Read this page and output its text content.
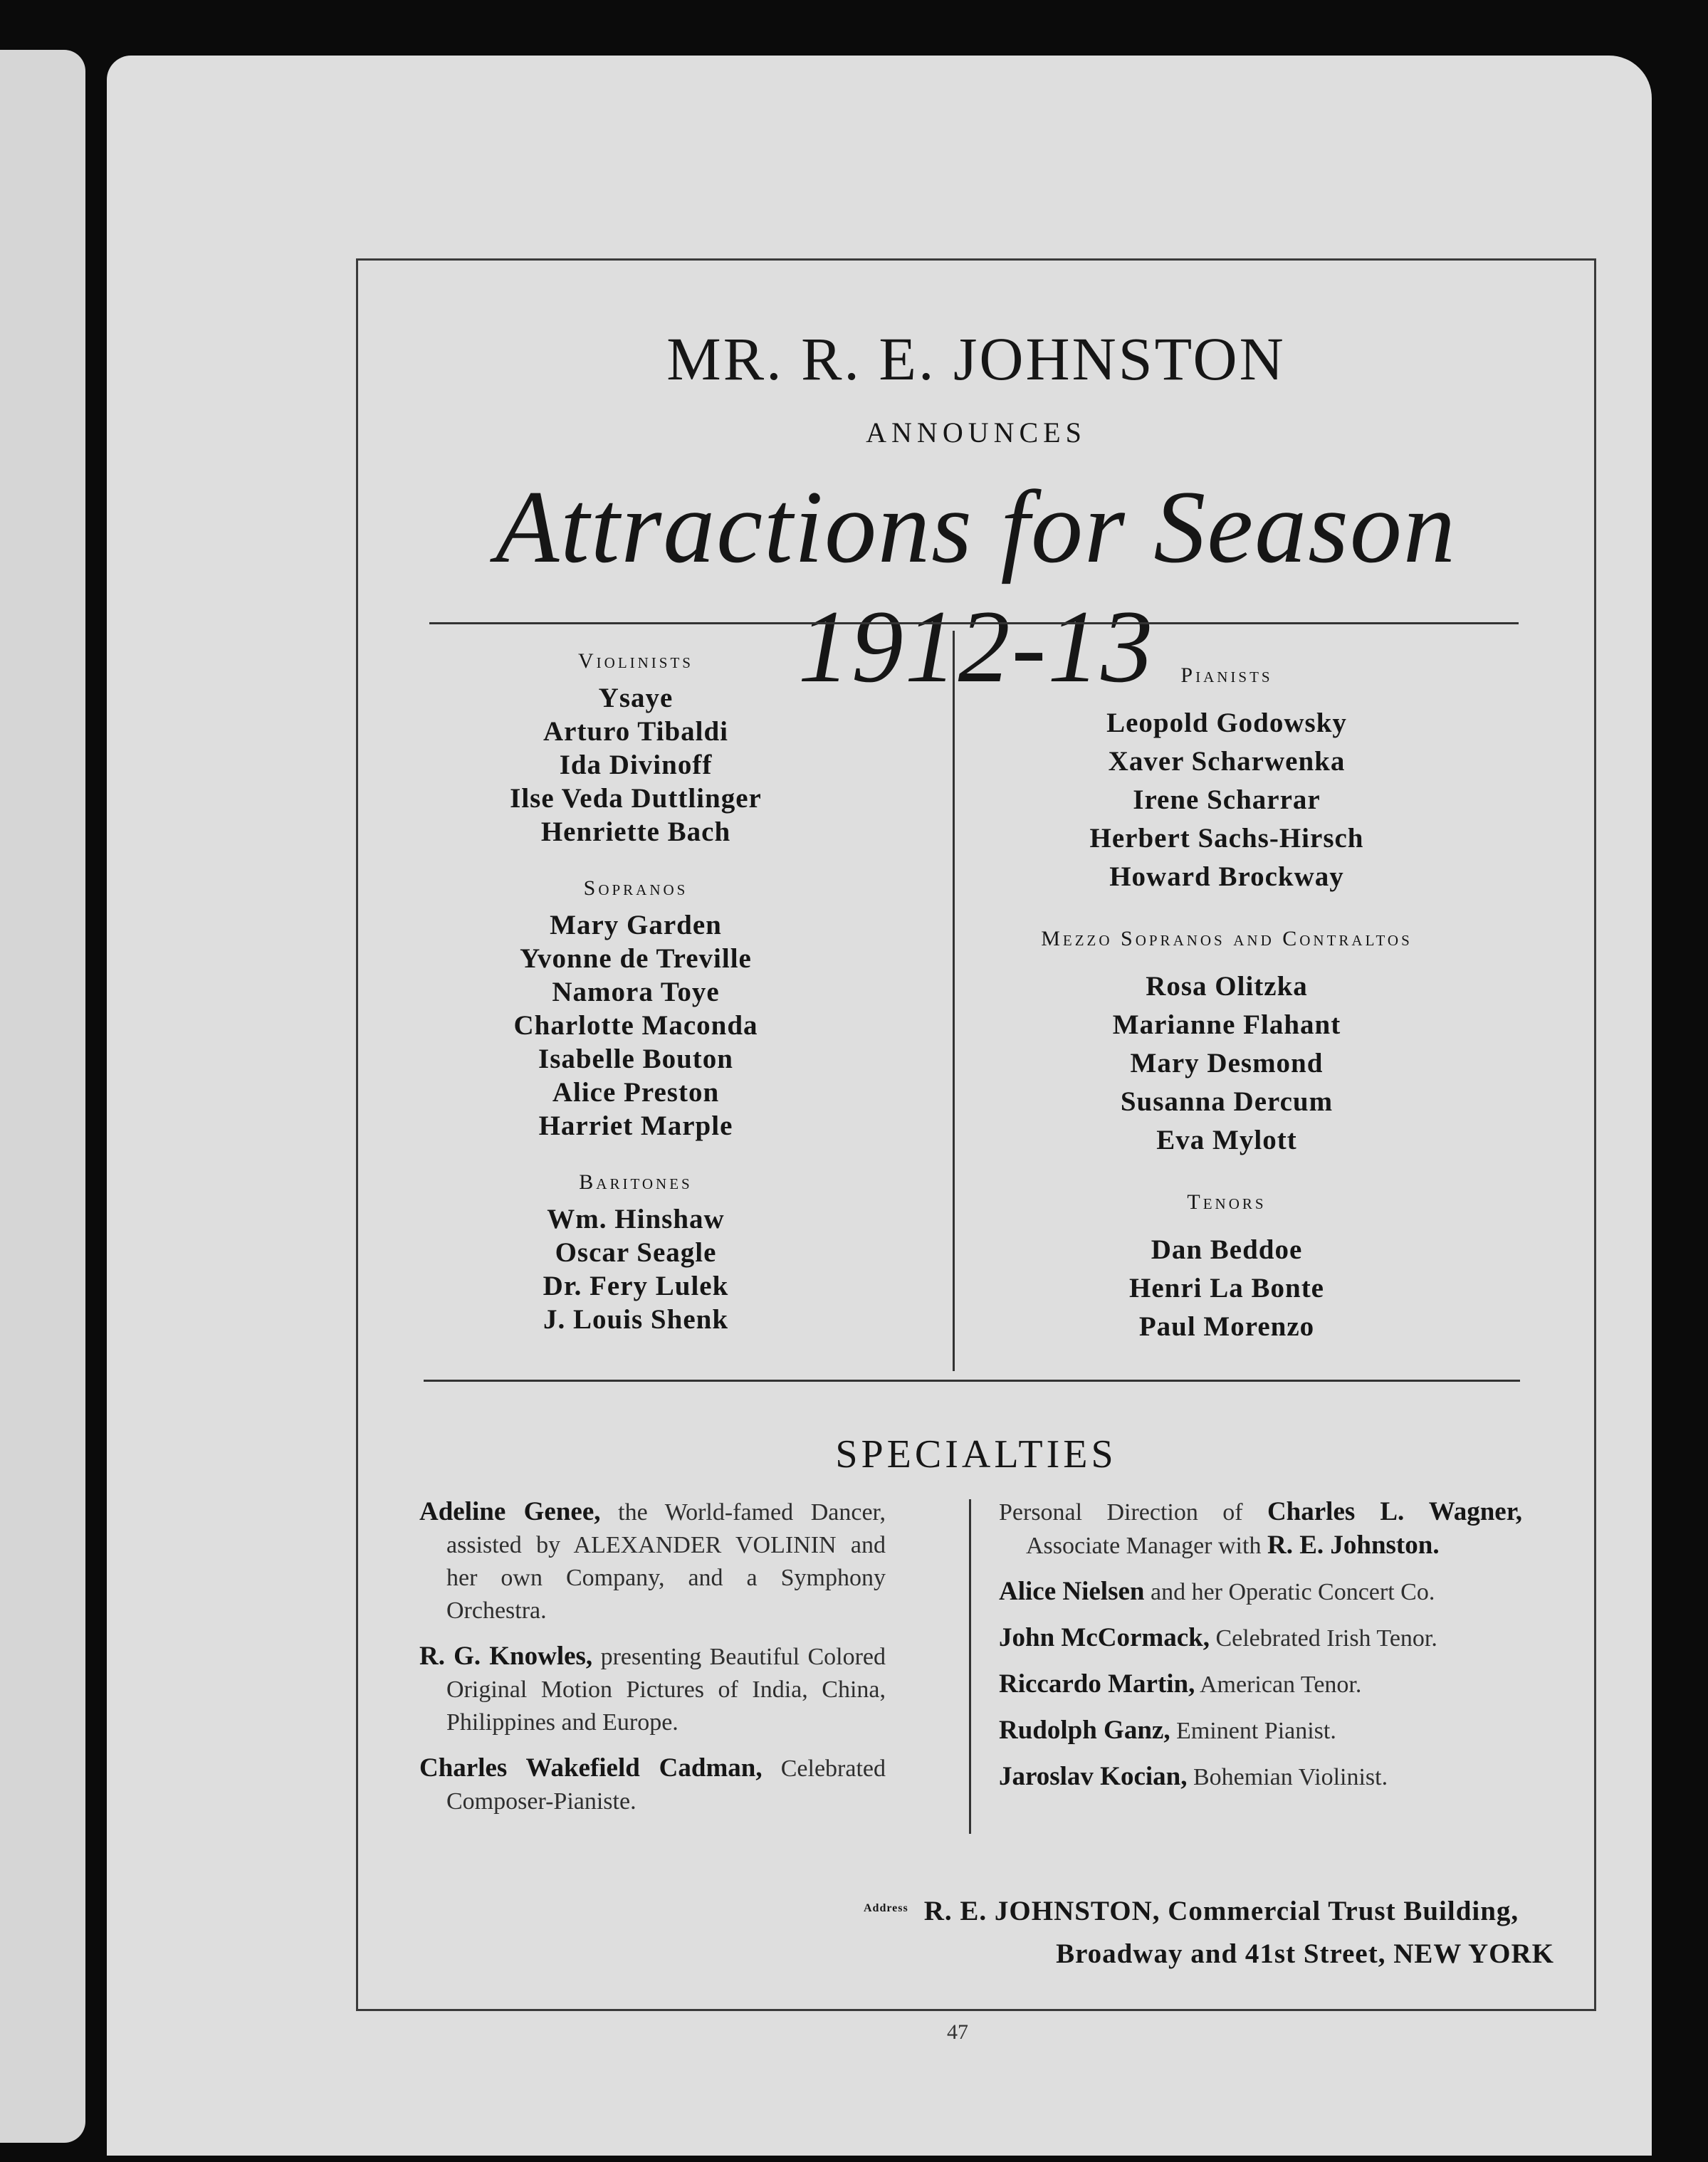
MR. R. E. JOHNSTON
ANNOUNCES
Attractions for Season 1912-13
Violinists
Ysaye
Arturo Tibaldi
Ida Divinoff
Ilse Veda Duttlinger
Henriette Bach
Sopranos
Mary Garden
Yvonne de Treville
Namora Toye
Charlotte Maconda
Isabelle Bouton
Alice Preston
Harriet Marple
Baritones
Wm. Hinshaw
Oscar Seagle
Dr. Fery Lulek
J. Louis Shenk
Pianists
Leopold Godowsky
Xaver Scharwenka
Irene Scharrar
Herbert Sachs-Hirsch
Howard Brockway
Mezzo Sopranos and Contraltos
Rosa Olitzka
Marianne Flahant
Mary Desmond
Susanna Dercum
Eva Mylott
Tenors
Dan Beddoe
Henri La Bonte
Paul Morenzo
SPECIALTIES

Adeline Genee, the World-famed Dancer, assisted by ALEXANDER VOLININ and her own Company, and a Symphony Orchestra.

R. G. Knowles, presenting Beautiful Colored Original Motion Pictures of India, China, Philippines and Europe.

Charles Wakefield Cadman, Celebrated Composer-Pianiste.

Personal Direction of Charles L. Wagner, Associate Manager with R. E. Johnston.

Alice Nielsen and her Operatic Concert Co.

John McCormack, Celebrated Irish Tenor.

Riccardo Martin, American Tenor.

Rudolph Ganz, Eminent Pianist.

Jaroslav Kocian, Bohemian Violinist.

$^{Address}$ R. E. JOHNSTON, Commercial Trust Building,
Broadway and 41st Street, NEW YORK
47
